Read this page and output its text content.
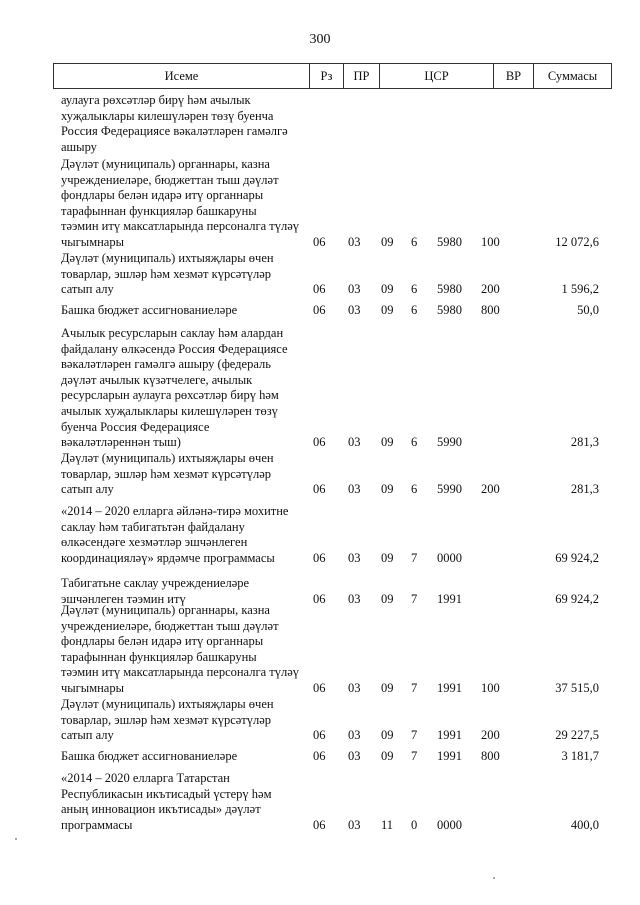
300
Исеме	Рз	ПР	ЦСР	ВР	Суммасы
аулауга рөхсәтләр бирү һәм ачылык
хуҗалыклары килешүләрен төзү буенча
Россия Федерациясе вәкаләтләрен гамәлгә
ашыру
Дәүләт (муниципаль) органнары, казна
учреждениеләре, бюджеттан тыш дәүләт
фондлары белән идарә итү органнары
тарафыннан функцияләр башкаруны
тәэмин итү максатларында персоналга түләү
чыгымнары	06 03 09 6 5980 100	12 072,6
Дәүләт (муниципаль) ихтыяҗлары өчен
товарлар, эшләр һәм хезмәт күрсәтүләр
сатып алу	06 03 09 6 5980 200	1 596,2
Башка бюджет ассигнованиеләре	06 03 09 6 5980 800	50,0
Ачылык ресурсларын саклау һәм алардан
файдалану өлкәсендә Россия Федерациясе
вәкаләтләрен гамәлгә ашыру (федераль
дәүләт ачылык күзәтчелеге, ачылык
ресурсларын аулауга рөхсәтләр бирү һәм
ачылык хуҗалыклары килешүләрен төзү
буенча Россия Федерациясе
вәкаләтләреннән тыш)	06 03 09 6 5990	281,3
Дәүләт (муниципаль) ихтыяҗлары өчен
товарлар, эшләр һәм хезмәт күрсәтүләр
сатып алу	06 03 09 6 5990 200	281,3
«2014 – 2020 елларга әйләнә-тирә мохитне
саклау һәм табигатьтән файдалану
өлкәсендәге хезмәтләр эшчәнлеген
координацияләү» ярдәмче программасы	06 03 09 7 0000	69 924,2
Табигатьне саклау учреждениеләре
эшчәнлеген тәэмин итү	06 03 09 7 1991	69 924,2
Дәүләт (муниципаль) органнары, казна
учреждениеләре, бюджеттан тыш дәүләт
фондлары белән идарә итү органнары
тарафыннан функцияләр башкаруны
тәэмин итү максатларында персоналга түләү
чыгымнары	06 03 09 7 1991 100	37 515,0
Дәүләт (муниципаль) ихтыяҗлары өчен
товарлар, эшләр һәм хезмәт күрсәтүләр
сатып алу	06 03 09 7 1991 200	29 227,5
Башка бюджет ассигнованиеләре	06 03 09 7 1991 800	3 181,7
«2014 – 2020 елларга Татарстан
Республикасын икътисадый үстерү һәм
аның инновацион икътисады» дәүләт
программасы	06 03 11 0 0000	400,0
